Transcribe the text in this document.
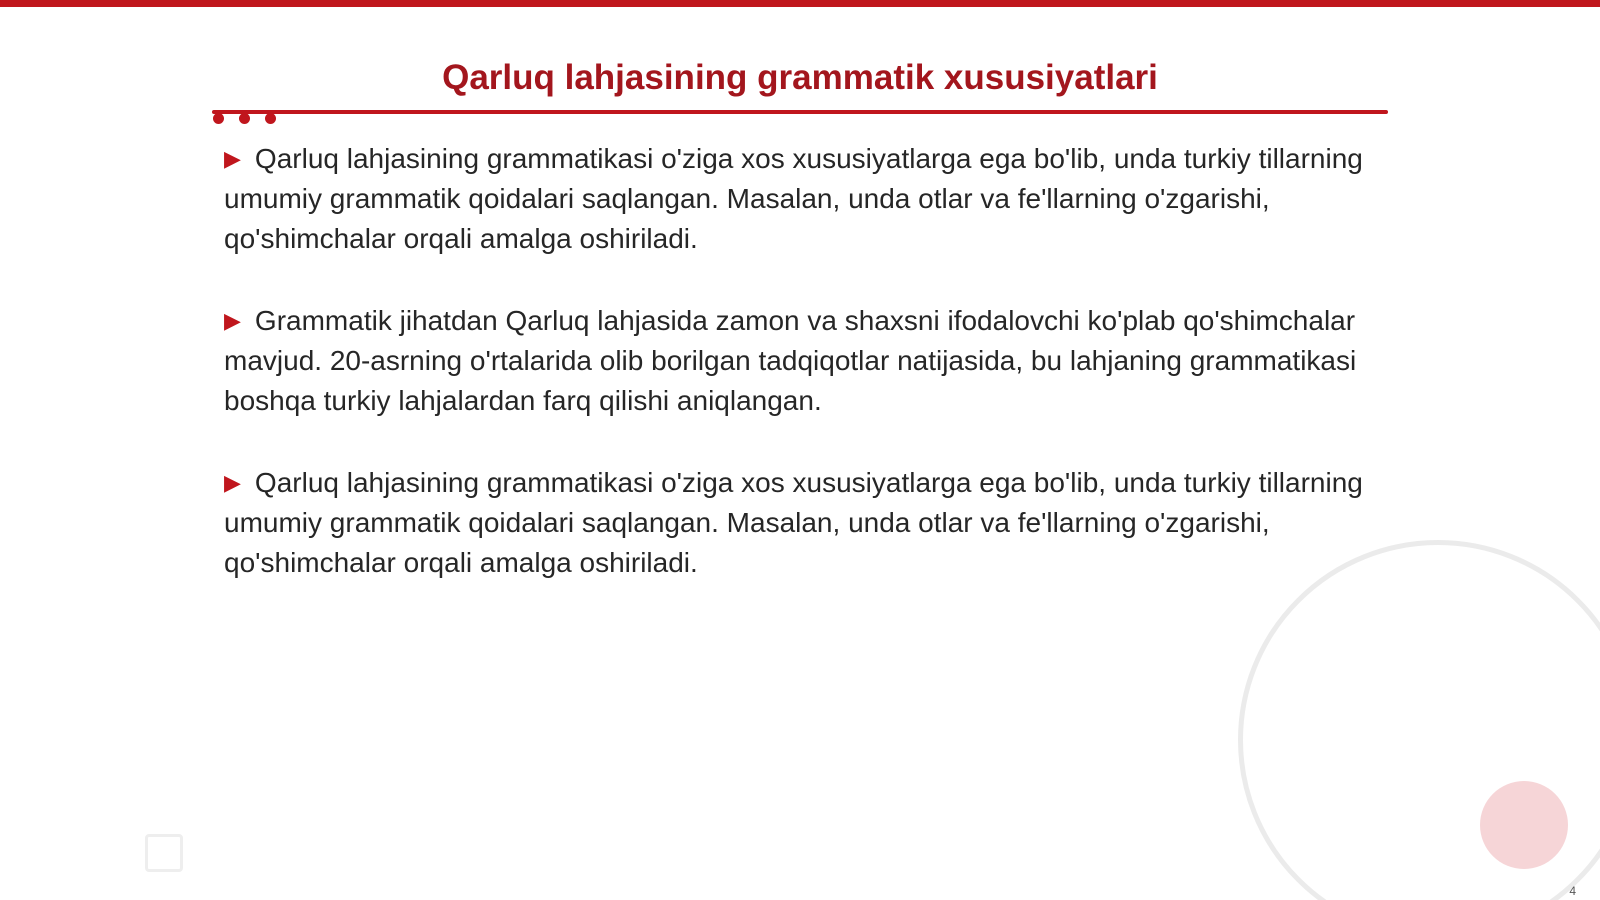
Qarluq lahjasining grammatik xususiyatlari

▶ Qarluq lahjasining grammatikasi o'ziga xos xususiyatlarga ega bo'lib, unda turkiy tillarning umumiy grammatik qoidalari saqlangan. Masalan, unda otlar va fe'llarning o'zgarishi, qo'shimchalar orqali amalga oshiriladi.

▶ Grammatik jihatdan Qarluq lahjasida zamon va shaxsni ifodalovchi ko'plab qo'shimchalar mavjud. 20-asrning o'rtalarida olib borilgan tadqiqotlar natijasida, bu lahjaning grammatikasi boshqa turkiy lahjalardan farq qilishi aniqlangan.

▶ Qarluq lahjasining grammatikasi o'ziga xos xususiyatlarga ega bo'lib, unda turkiy tillarning umumiy grammatik qoidalari saqlangan. Masalan, unda otlar va fe'llarning o'zgarishi, qo'shimchalar orqali amalga oshiriladi.

4
